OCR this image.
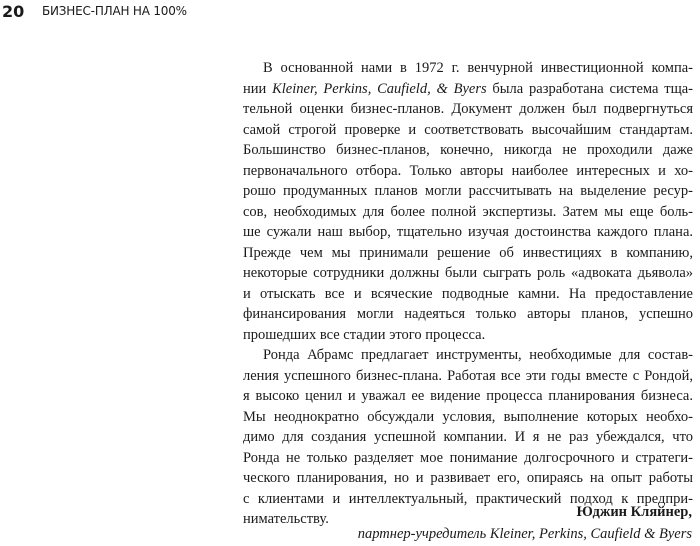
20	БИЗНЕС-ПЛАН НА 100%
В основанной нами в 1972 г. венчурной инвестиционной компа-
нии Kleiner, Perkins, Caufield, & Byers была разработана система тща-
тельной оценки бизнес-планов. Документ должен был подвергнуться
самой строгой проверке и соответствовать высочайшим стандартам.
Большинство бизнес-планов, конечно, никогда не проходили даже
первоначального отбора. Только авторы наиболее интересных и хо-
рошо продуманных планов могли рассчитывать на выделение ресур-
сов, необходимых для более полной экспертизы. Затем мы еще боль-
ше сужали наш выбор, тщательно изучая достоинства каждого плана.
Прежде чем мы принимали решение об инвестициях в компанию,
некоторые сотрудники должны были сыграть роль «адвоката дьявола»
и отыскать все и всяческие подводные камни. На предоставление
финансирования могли надеяться только авторы планов, успешно
прошедших все стадии этого процесса.
Ронда Абрамс предлагает инструменты, необходимые для состав-
ления успешного бизнес-плана. Работая все эти годы вместе с Рондой,
я высоко ценил и уважал ее видение процесса планирования бизнеса.
Мы неоднократно обсуждали условия, выполнение которых необхо-
димо для создания успешной компании. И я не раз убеждался, что
Ронда не только разделяет мое понимание долгосрочного и стратеги-
ческого планирования, но и развивает его, опираясь на опыт работы
с клиентами и интеллектуальный, практический подход к предпри-
нимательству.	Юджин Кляйнер,
партнер-учредитель Kleiner, Perkins, Caufield & Byers
